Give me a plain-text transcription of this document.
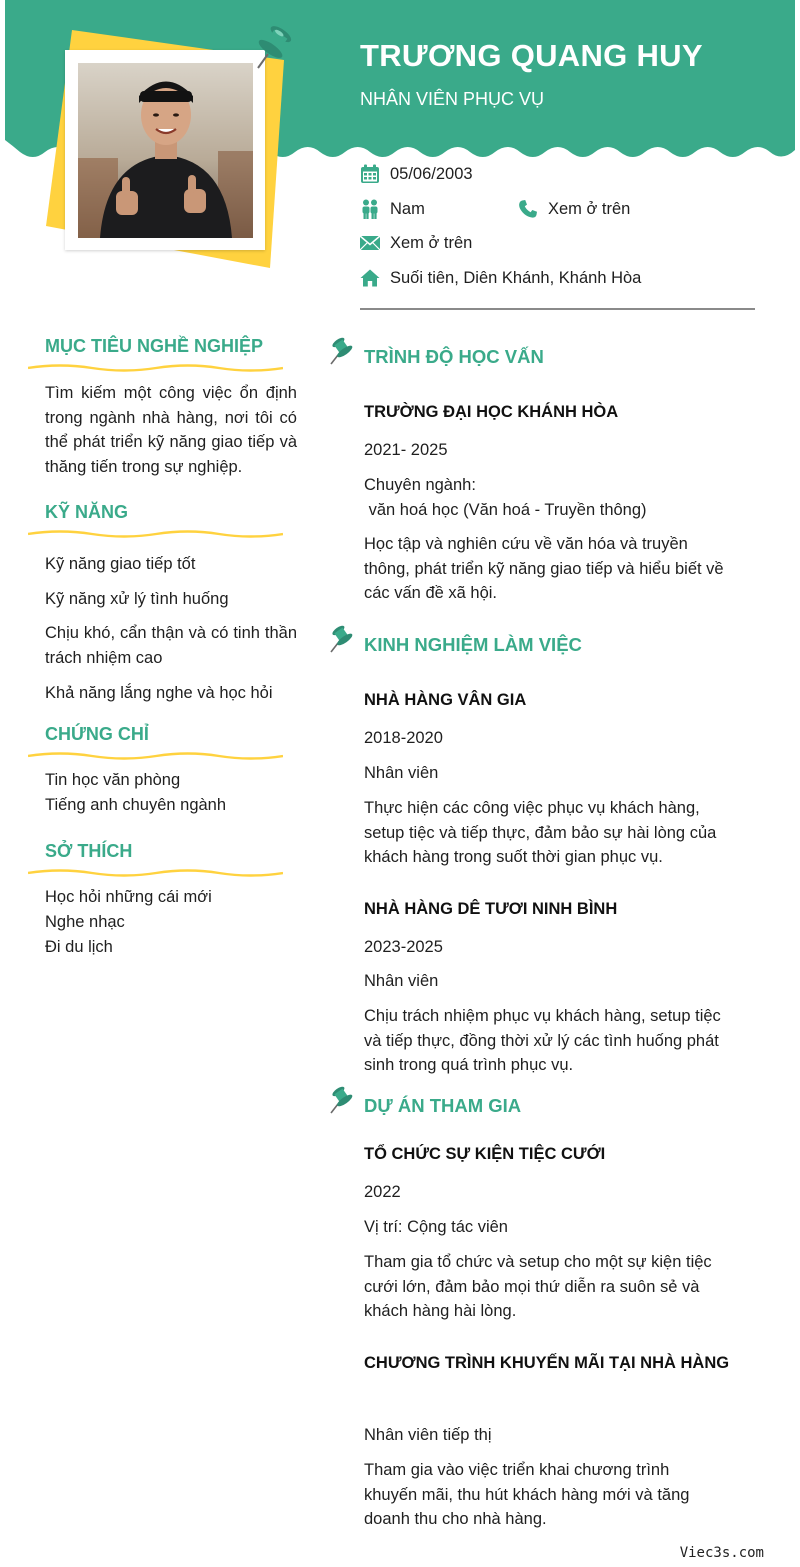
TRƯƠNG QUANG HUY
NHÂN VIÊN PHỤC VỤ
05/06/2003
Nam	Xem ở trên
Xem ở trên
Suối tiên, Diên Khánh, Khánh Hòa
MỤC TIÊU NGHỀ NGHIỆP
Tìm kiếm một công việc ổn định trong ngành nhà hàng, nơi tôi có thể phát triển kỹ năng giao tiếp và thăng tiến trong sự nghiệp.
KỸ NĂNG
Kỹ năng giao tiếp tốt
Kỹ năng xử lý tình huống
Chịu khó, cẩn thận và có tinh thần trách nhiệm cao
Khả năng lắng nghe và học hỏi
CHỨNG CHỈ
Tin học văn phòng
Tiếng anh chuyên ngành
SỞ THÍCH
Học hỏi những cái mới
Nghe nhạc
Đi du lịch
TRÌNH ĐỘ HỌC VẤN
TRƯỜNG ĐẠI HỌC KHÁNH HÒA
2021- 2025
Chuyên ngành:
văn hoá học (Văn hoá - Truyền thông)
Học tập và nghiên cứu về văn hóa và truyền thông, phát triển kỹ năng giao tiếp và hiểu biết về các vấn đề xã hội.
KINH NGHIỆM LÀM VIỆC
NHÀ HÀNG VÂN GIA
2018-2020
Nhân viên
Thực hiện các công việc phục vụ khách hàng, setup tiệc và tiếp thực, đảm bảo sự hài lòng của khách hàng trong suốt thời gian phục vụ.
NHÀ HÀNG DÊ TƯƠI NINH BÌNH
2023-2025
Nhân viên
Chịu trách nhiệm phục vụ khách hàng, setup tiệc và tiếp thực, đồng thời xử lý các tình huống phát sinh trong quá trình phục vụ.
DỰ ÁN THAM GIA
TỔ CHỨC SỰ KIỆN TIỆC CƯỚI
2022
Vị trí: Cộng tác viên
Tham gia tổ chức và setup cho một sự kiện tiệc cưới lớn, đảm bảo mọi thứ diễn ra suôn sẻ và khách hàng hài lòng.
CHƯƠNG TRÌNH KHUYẾN MÃI TẠI NHÀ HÀNG
Nhân viên tiếp thị
Tham gia vào việc triển khai chương trình khuyến mãi, thu hút khách hàng mới và tăng doanh thu cho nhà hàng.
Viec3s.com
